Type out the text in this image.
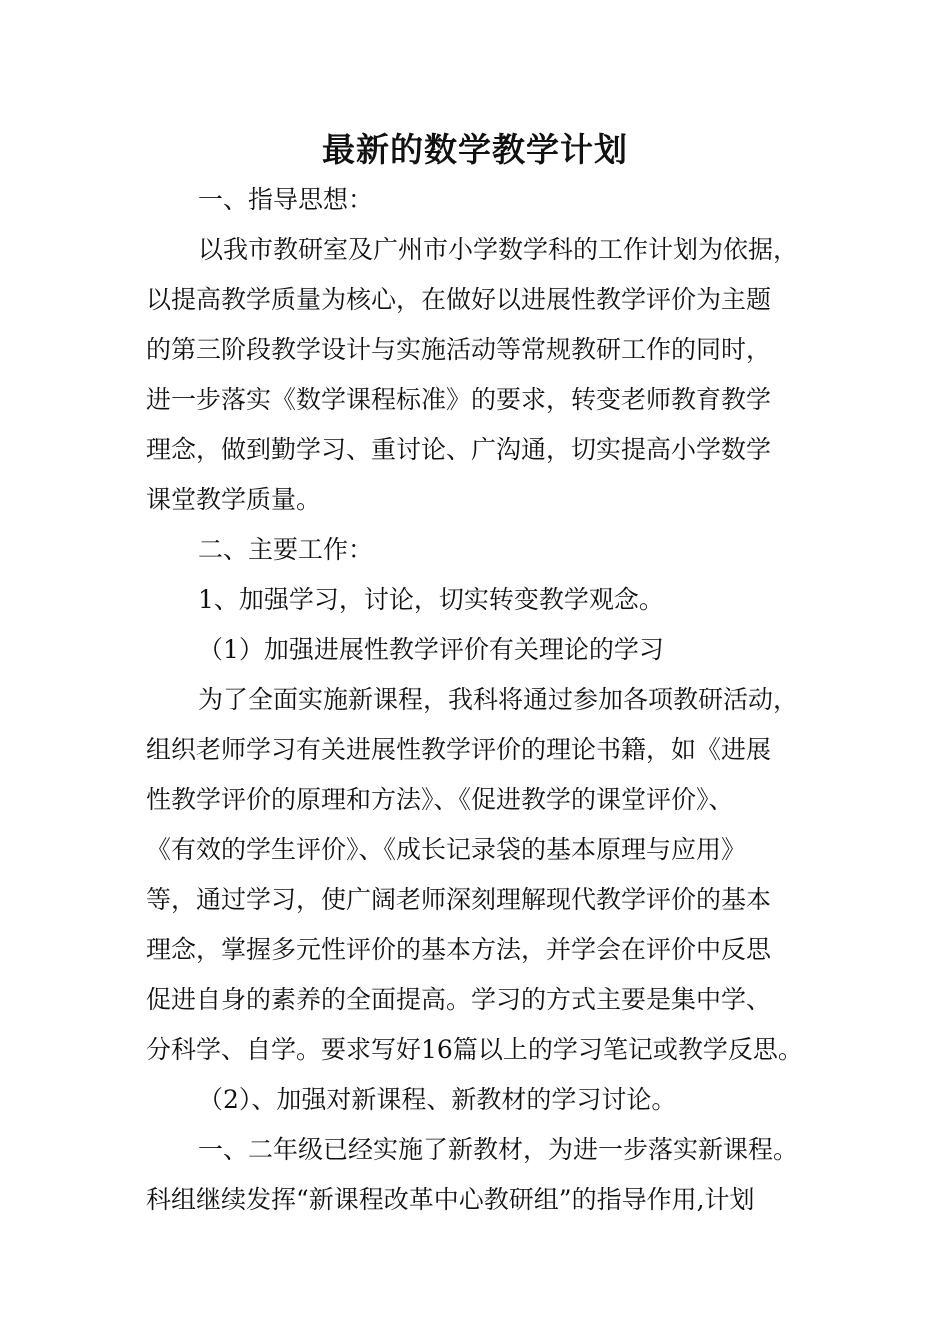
最新的数学教学计划
一、指导思想：
以我市教研室及广州市小学数学科的工作计划为依据，
以提高教学质量为核心，在做好以进展性教学评价为主题
的第三阶段教学设计与实施活动等常规教研工作的同时，
进一步落实《数学课程标准》的要求，转变老师教育教学
理念，做到勤学习、重讨论、广沟通，切实提高小学数学
课堂教学质量。
二、主要工作：
1、加强学习，讨论，切实转变教学观念。
（1）加强进展性教学评价有关理论的学习
为了全面实施新课程，我科将通过参加各项教研活动，
组织老师学习有关进展性教学评价的理论书籍，如《进展
性教学评价的原理和方法》、《促进教学的课堂评价》、
《有效的学生评价》、《成长记录袋的基本原理与应用》
等，通过学习，使广阔老师深刻理解现代教学评价的基本
理念，掌握多元性评价的基本方法，并学会在评价中反思
促进自身的素养的全面提高。学习的方式主要是集中学、
分科学、自学。要求写好16篇以上的学习笔记或教学反思。
（2）、加强对新课程、新教材的学习讨论。
一、二年级已经实施了新教材，为进一步落实新课程。
科组继续发挥“新课程改革中心教研组”的指导作用,计划
